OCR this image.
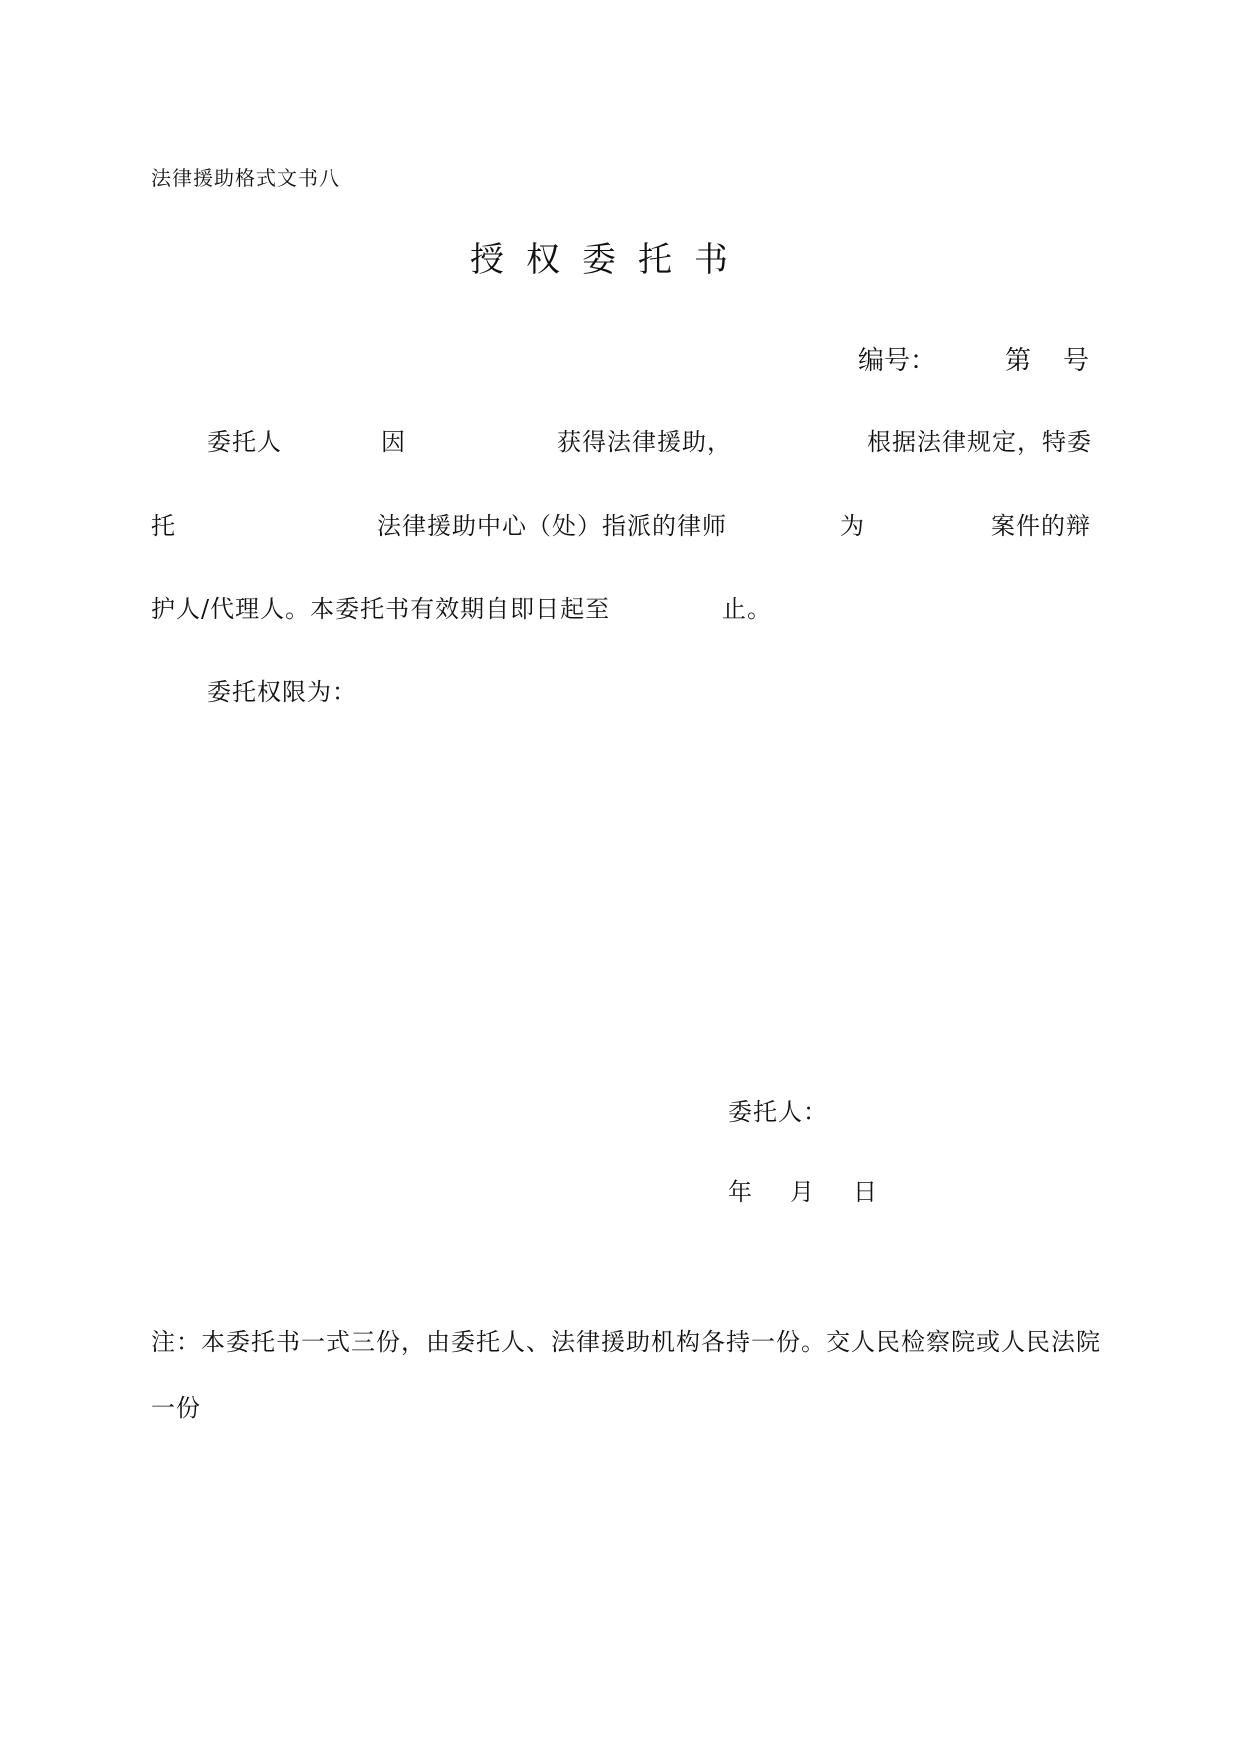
法律援助格式文书八
授权委托书
编号：	第 号
委托人	因	获得法律援助，	根据法律规定，特委
托	法律援助中心（处）指派的律师	为	案件的辩
护人/代理人。本委托书有效期自即日起至	止。
委托权限为：
委托人：
年 月 日
注：本委托书一式三份，由委托人、法律援助机构各持一份。交人民检察院或人民法院
一份
